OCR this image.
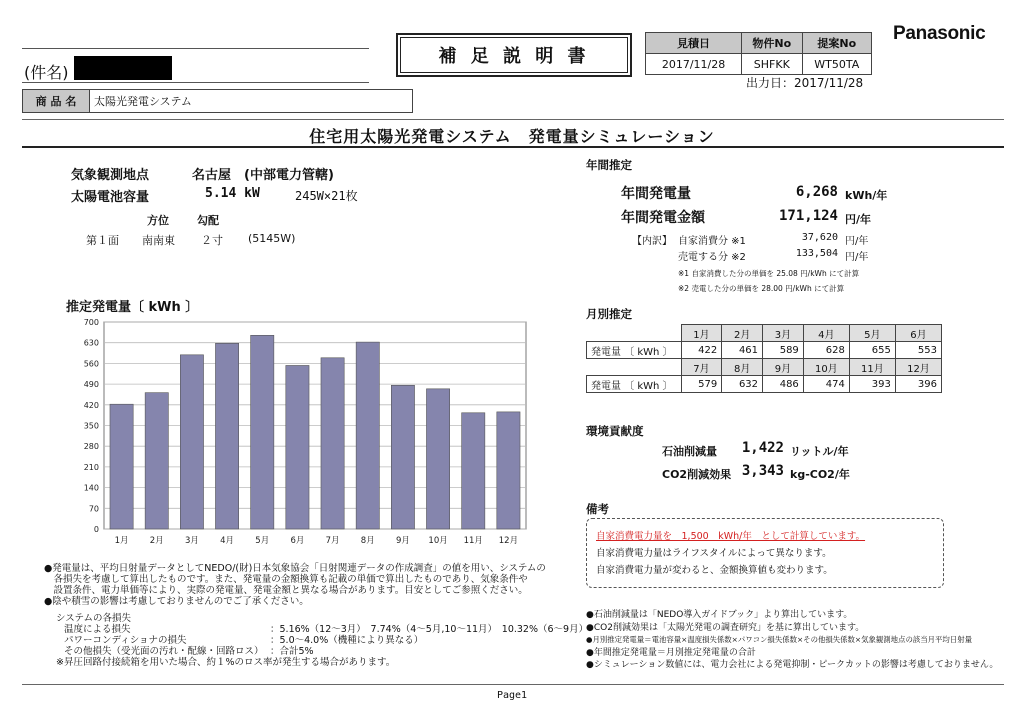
(件名)
補 足 説 明 書
見積日	物件No	提案No
2017/11/28	SHFKK	WT50TA
出力日：2017/11/28
Panasonic
商 品 名	太陽光発電システム
住宅用太陽光発電システム　発電量シミュレーション
気象観測地点	名古屋　(中部電力管轄)
太陽電池容量	5.14 kW	245W×21枚
方位	勾配
第１面 南南東 ２寸 (5145W)
年間推定
年間発電量	6,268 kWh/年
年間発電金額	171,124 円/年
【内訳】 自家消費分 ※1	37,620 円/年
売電する分 ※2	133,504 円/年
※1 自家消費した分の単価を 25.08 円/kWh にて計算
※2 売電した分の単価を 28.00 円/kWh にて計算
推定発電量〔 kWh 〕
0
70
140
210
280
350
420
490
560
630
700
1月 2月 3月 4月 5月 6月 7月 8月 9月 10月 11月 12月
月別推定
	1月	2月	3月	4月	5月	6月
発電量 〔 kWh 〕	422	461	589	628	655	553
	7月	8月	9月	10月	11月	12月
発電量 〔 kWh 〕	579	632	486	474	393	396
環境貢献度
石油削減量 1,422 リットル/年
CO2削減効果 3,343 kg-CO2/年
備考
自家消費電力量を　1,500　kWh/年　として計算しています。
自家消費電力量はライフスタイルによって異なります。
自家消費電力量が変わると、金額換算値も変わります。
●発電量は、平均日射量データとしてNEDO/(財)日本気象協会「日射関連データの作成調査」の値を用い、システムの
　各損失を考慮して算出したものです。また、発電量の金額換算も記載の単価で算出したものであり、気象条件や
　設置条件、電力単価等により、実際の発電量、発電金額と異なる場合があります。目安としてご参照ください。
●陰や積雪の影響は考慮しておりませんのでご了承ください。
システムの各損失
温度による損失	：5.16%（12～3月）　7.74%（4～5月,10～11月）　10.32%（6～9月）
パワーコンディショナの損失	：5.0～4.0%（機種により異なる）
その他損失（受光面の汚れ・配線・回路ロス） ：合計5%
※昇圧回路付接続箱を用いた場合、約１%のロス率が発生する場合があります。
●石油削減量は「NEDO導入ガイドブック」より算出しています。
●CO2削減効果は「太陽光発電の調査研究」を基に算出しています。
●月別推定発電量＝電池容量×温度損失係数×パワコン損失係数×その他損失係数×気象観測地点の該当月平均日射量
●年間推定発電量＝月別推定発電量の合計
●シミュレーション数値には、電力会社による発電抑制・ピークカットの影響は考慮しておりません。
Page1
